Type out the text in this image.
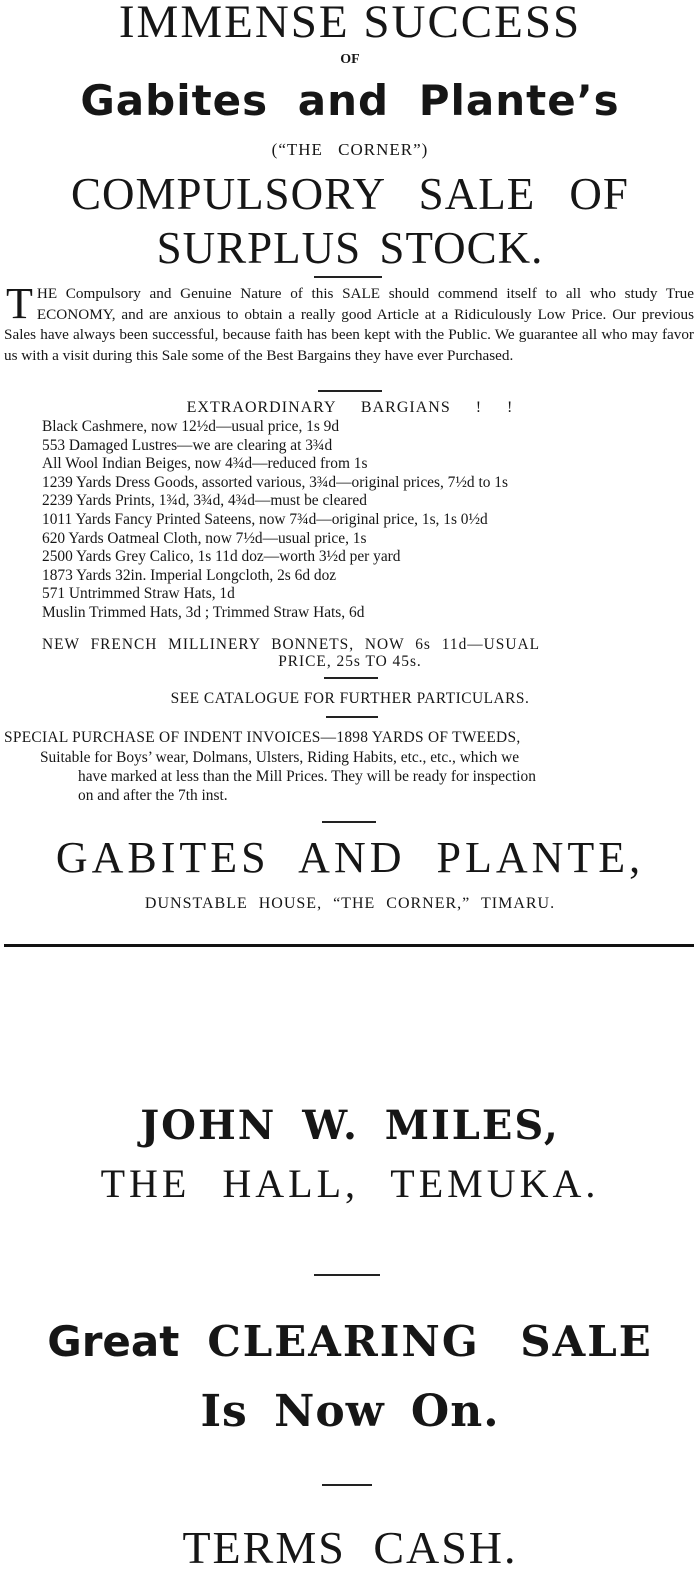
IMMENSE SUCCESS
OF
Gabites and Plante’s
(“THE CORNER”)
COMPULSORY SALE OF
SURPLUS STOCK.
THE Compulsory and Genuine Nature of this SALE should commend itself to all who study True ECONOMY, and are anxious to obtain a really good Article at a Ridiculously Low Price. Our previous Sales have always been successful, because faith has been kept with the Public. We guarantee all who may favor us with a visit during this Sale some of the Best Bargains they have ever Purchased.
EXTRAORDINARY BARGIANS ! !
Black Cashmere, now 12½d—usual price, 1s 9d
553 Damaged Lustres—we are clearing at 3¾d
All Wool Indian Beiges, now 4¾d—reduced from 1s
1239 Yards Dress Goods, assorted various, 3¾d—original prices, 7½d to 1s
2239 Yards Prints, 1¾d, 3¾d, 4¾d—must be cleared
1011 Yards Fancy Printed Sateens, now 7¾d—original price, 1s, 1s 0½d
620 Yards Oatmeal Cloth, now 7½d—usual price, 1s
2500 Yards Grey Calico, 1s 11d doz—worth 3½d per yard
1873 Yards 32in. Imperial Longcloth, 2s 6d doz
571 Untrimmed Straw Hats, 1d
Muslin Trimmed Hats, 3d ; Trimmed Straw Hats, 6d
NEW FRENCH MILLINERY BONNETS, NOW 6s 11d—USUAL
PRICE, 25s TO 45s.
SEE CATALOGUE FOR FURTHER PARTICULARS.
SPECIAL PURCHASE OF INDENT INVOICES—1898 YARDS OF TWEEDS,
Suitable for Boys’ wear, Dolmans, Ulsters, Riding Habits, etc., etc., which we
have marked at less than the Mill Prices. They will be ready for inspection
on and after the 7th inst.
GABITES AND PLANTE,
DUNSTABLE HOUSE, “THE CORNER,” TIMARU.
JOHN W. MILES,
THE HALL, TEMUKA.
Great CLEARING SALE
Is Now On.
TERMS CASH.
